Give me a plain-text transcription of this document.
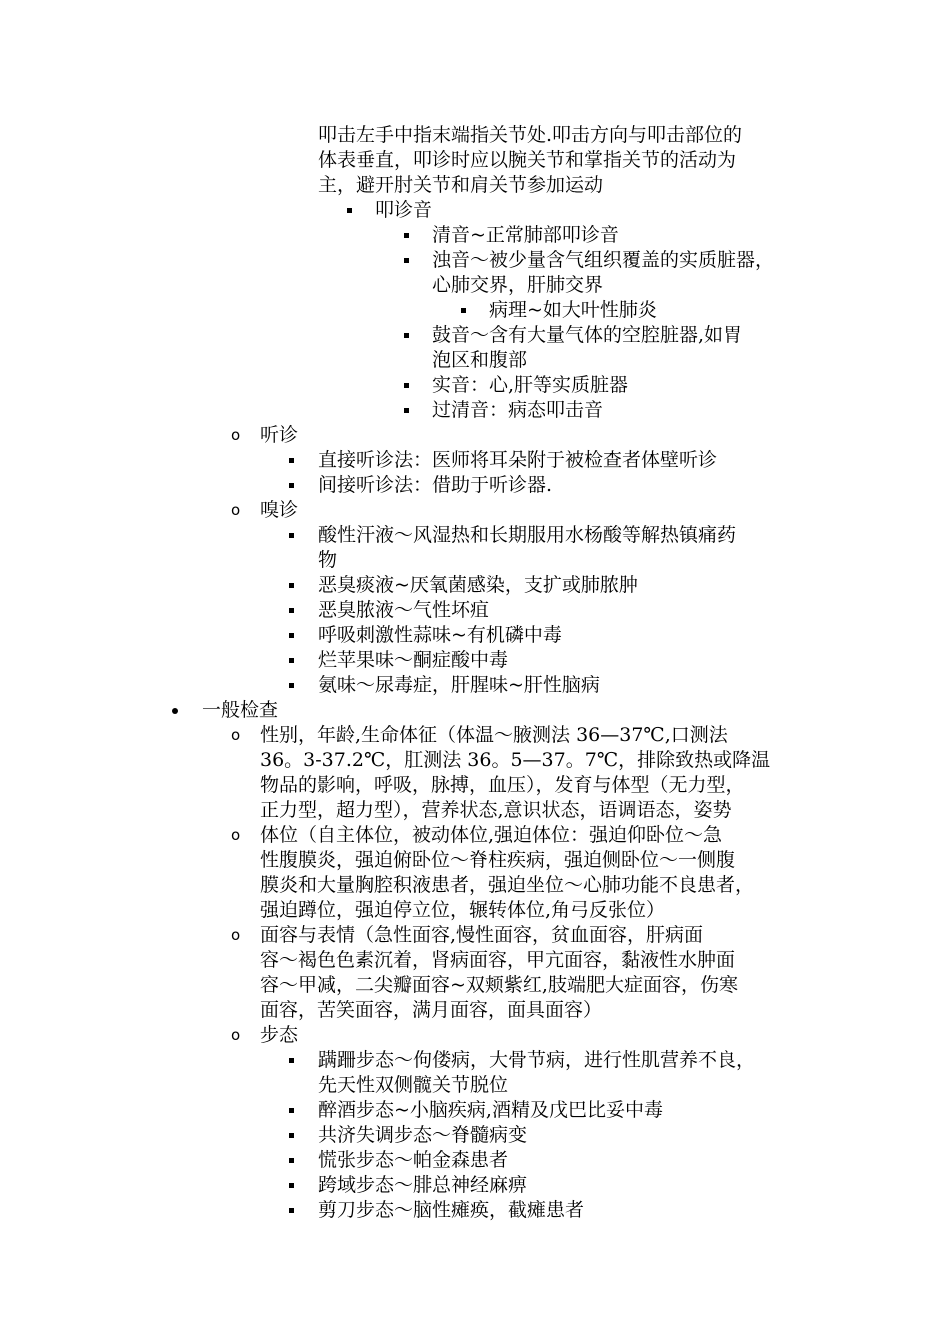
叩击左手中指末端指关节处.叩击方向与叩击部位的
体表垂直，叩诊时应以腕关节和掌指关节的活动为
主，避开肘关节和肩关节参加运动
叩诊音
清音~正常肺部叩诊音
浊音～被少量含气组织覆盖的实质脏器，
心肺交界，肝肺交界
病理~如大叶性肺炎
鼓音～含有大量气体的空腔脏器,如胃
泡区和腹部
实音：心,肝等实质脏器
过清音：病态叩击音
o 听诊
直接听诊法：医师将耳朵附于被检查者体壁听诊
间接听诊法：借助于听诊器.
o 嗅诊
酸性汗液～风湿热和长期服用水杨酸等解热镇痛药
物
恶臭痰液~厌氧菌感染，支扩或肺脓肿
恶臭脓液～气性坏疽
呼吸刺激性蒜味~有机磷中毒
烂苹果味～酮症酸中毒
氨味～尿毒症，肝腥味~肝性脑病
一般检查
o 性别，年龄,生命体征（体温～腋测法 36—37℃,口测法
36。3-37.2℃，肛测法 36。5—37。7℃，排除致热或降温
物品的影响，呼吸，脉搏，血压），发育与体型（无力型，
正力型，超力型），营养状态,意识状态，语调语态，姿势
o 体位（自主体位，被动体位,强迫体位：强迫仰卧位～急
性腹膜炎，强迫俯卧位～脊柱疾病，强迫侧卧位～一侧腹
膜炎和大量胸腔积液患者，强迫坐位～心肺功能不良患者，
强迫蹲位，强迫停立位，辗转体位,角弓反张位）
o 面容与表情（急性面容,慢性面容，贫血面容，肝病面
容～褐色色素沉着，肾病面容，甲亢面容，黏液性水肿面
容～甲减，二尖瓣面容~双颊紫红,肢端肥大症面容，伤寒
面容，苦笑面容，满月面容，面具面容）
o 步态
蹒跚步态～佝偻病，大骨节病，进行性肌营养不良，
先天性双侧髋关节脱位
醉酒步态~小脑疾病,酒精及戊巴比妥中毒
共济失调步态～脊髓病变
慌张步态～帕金森患者
跨域步态～腓总神经麻痹
剪刀步态～脑性瘫痪，截瘫患者
